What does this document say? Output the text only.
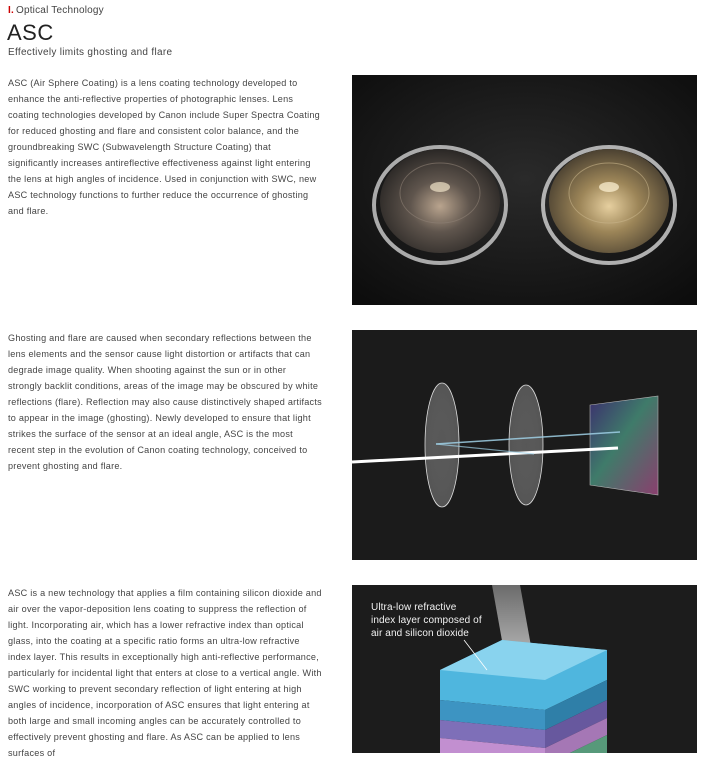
I. Optical Technology
ASC
Effectively limits ghosting and flare

ASC (Air Sphere Coating) is a lens coating technology developed to enhance the anti-reflective properties of photographic lenses. Lens coating technologies developed by Canon include Super Spectra Coating for reduced ghosting and flare and consistent color balance, and the groundbreaking SWC (Subwavelength Structure Coating) that significantly increases antireflective effectiveness against light entering the lens at high angles of incidence. Used in conjunction with SWC, new ASC technology functions to further reduce the occurrence of ghosting and flare.

Ghosting and flare are caused when secondary reflections between the lens elements and the sensor cause light distortion or artifacts that can degrade image quality. When shooting against the sun or in other strongly backlit conditions, areas of the image may be obscured by white reflections (flare). Reflection may also cause distinctively shaped artifacts to appear in the image (ghosting). Newly developed to ensure that light strikes the surface of the sensor at an ideal angle, ASC is the most recent step in the evolution of Canon coating technology, conceived to prevent ghosting and flare.

ASC is a new technology that applies a film containing silicon dioxide and air over the vapor-deposition lens coating to suppress the reflection of light. Incorporating air, which has a lower refractive index than optical glass, into the coating at a specific ratio forms an ultra-low refractive index layer. This results in exceptionally high anti-reflective performance, particularly for incidental light that enters at close to a vertical angle. With SWC working to prevent secondary reflection of light entering at high angles of incidence, incorporation of ASC ensures that light entering at both large and small incoming angles can be accurately controlled to effectively prevent ghosting and flare. As ASC can be applied to lens surfaces of

Ultra-low refractive
index layer composed of
air and silicon dioxide
